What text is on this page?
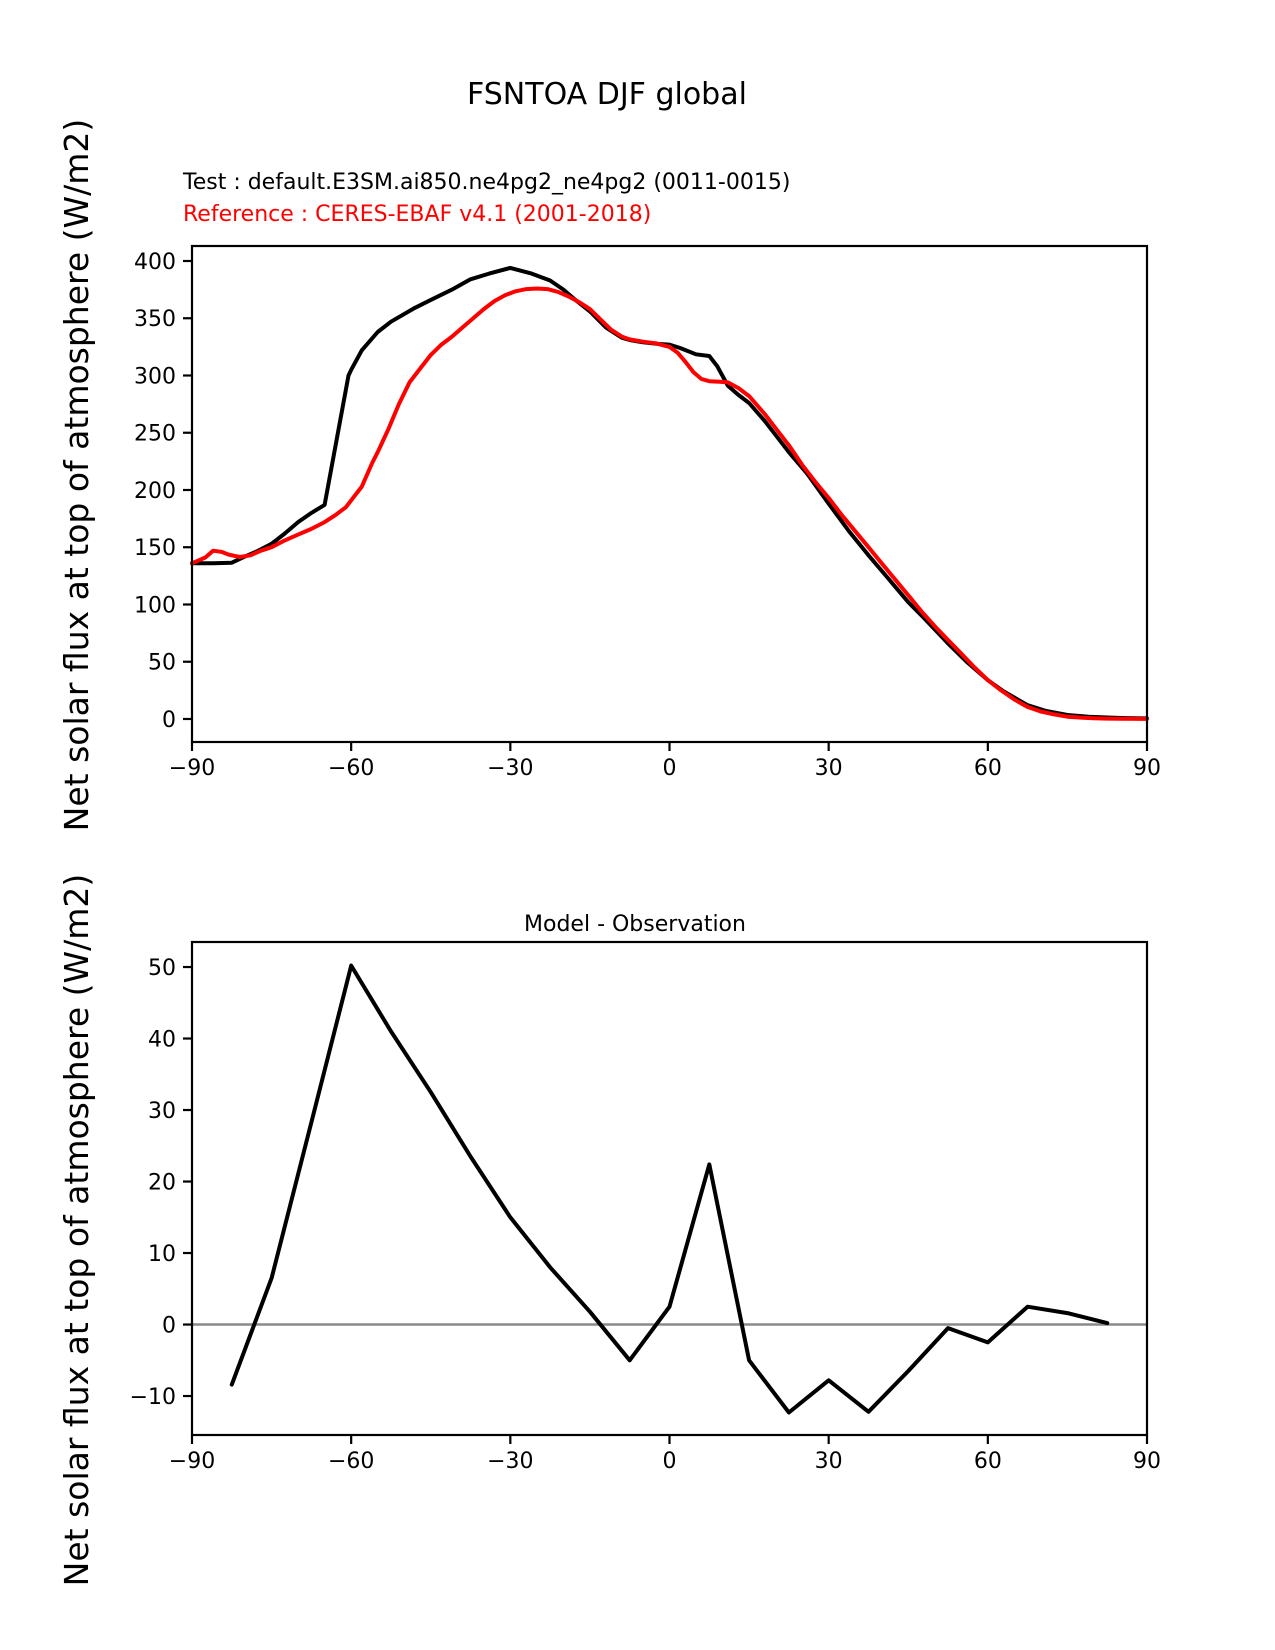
FSNTOA DJF global
Test : default.E3SM.ai850.ne4pg2_ne4pg2 (0011-0015)
Reference : CERES-EBAF v4.1 (2001-2018)
Net solar flux at top of atmosphere (W/m2)
Net solar flux at top of atmosphere (W/m2)	Model - Observation
−90	−60	−30	0	30	60	90
0
50
100
150
200
250
300
350
400
−90	−60	−30	0	30	60	90
−10
0
10
20
30
40
50
